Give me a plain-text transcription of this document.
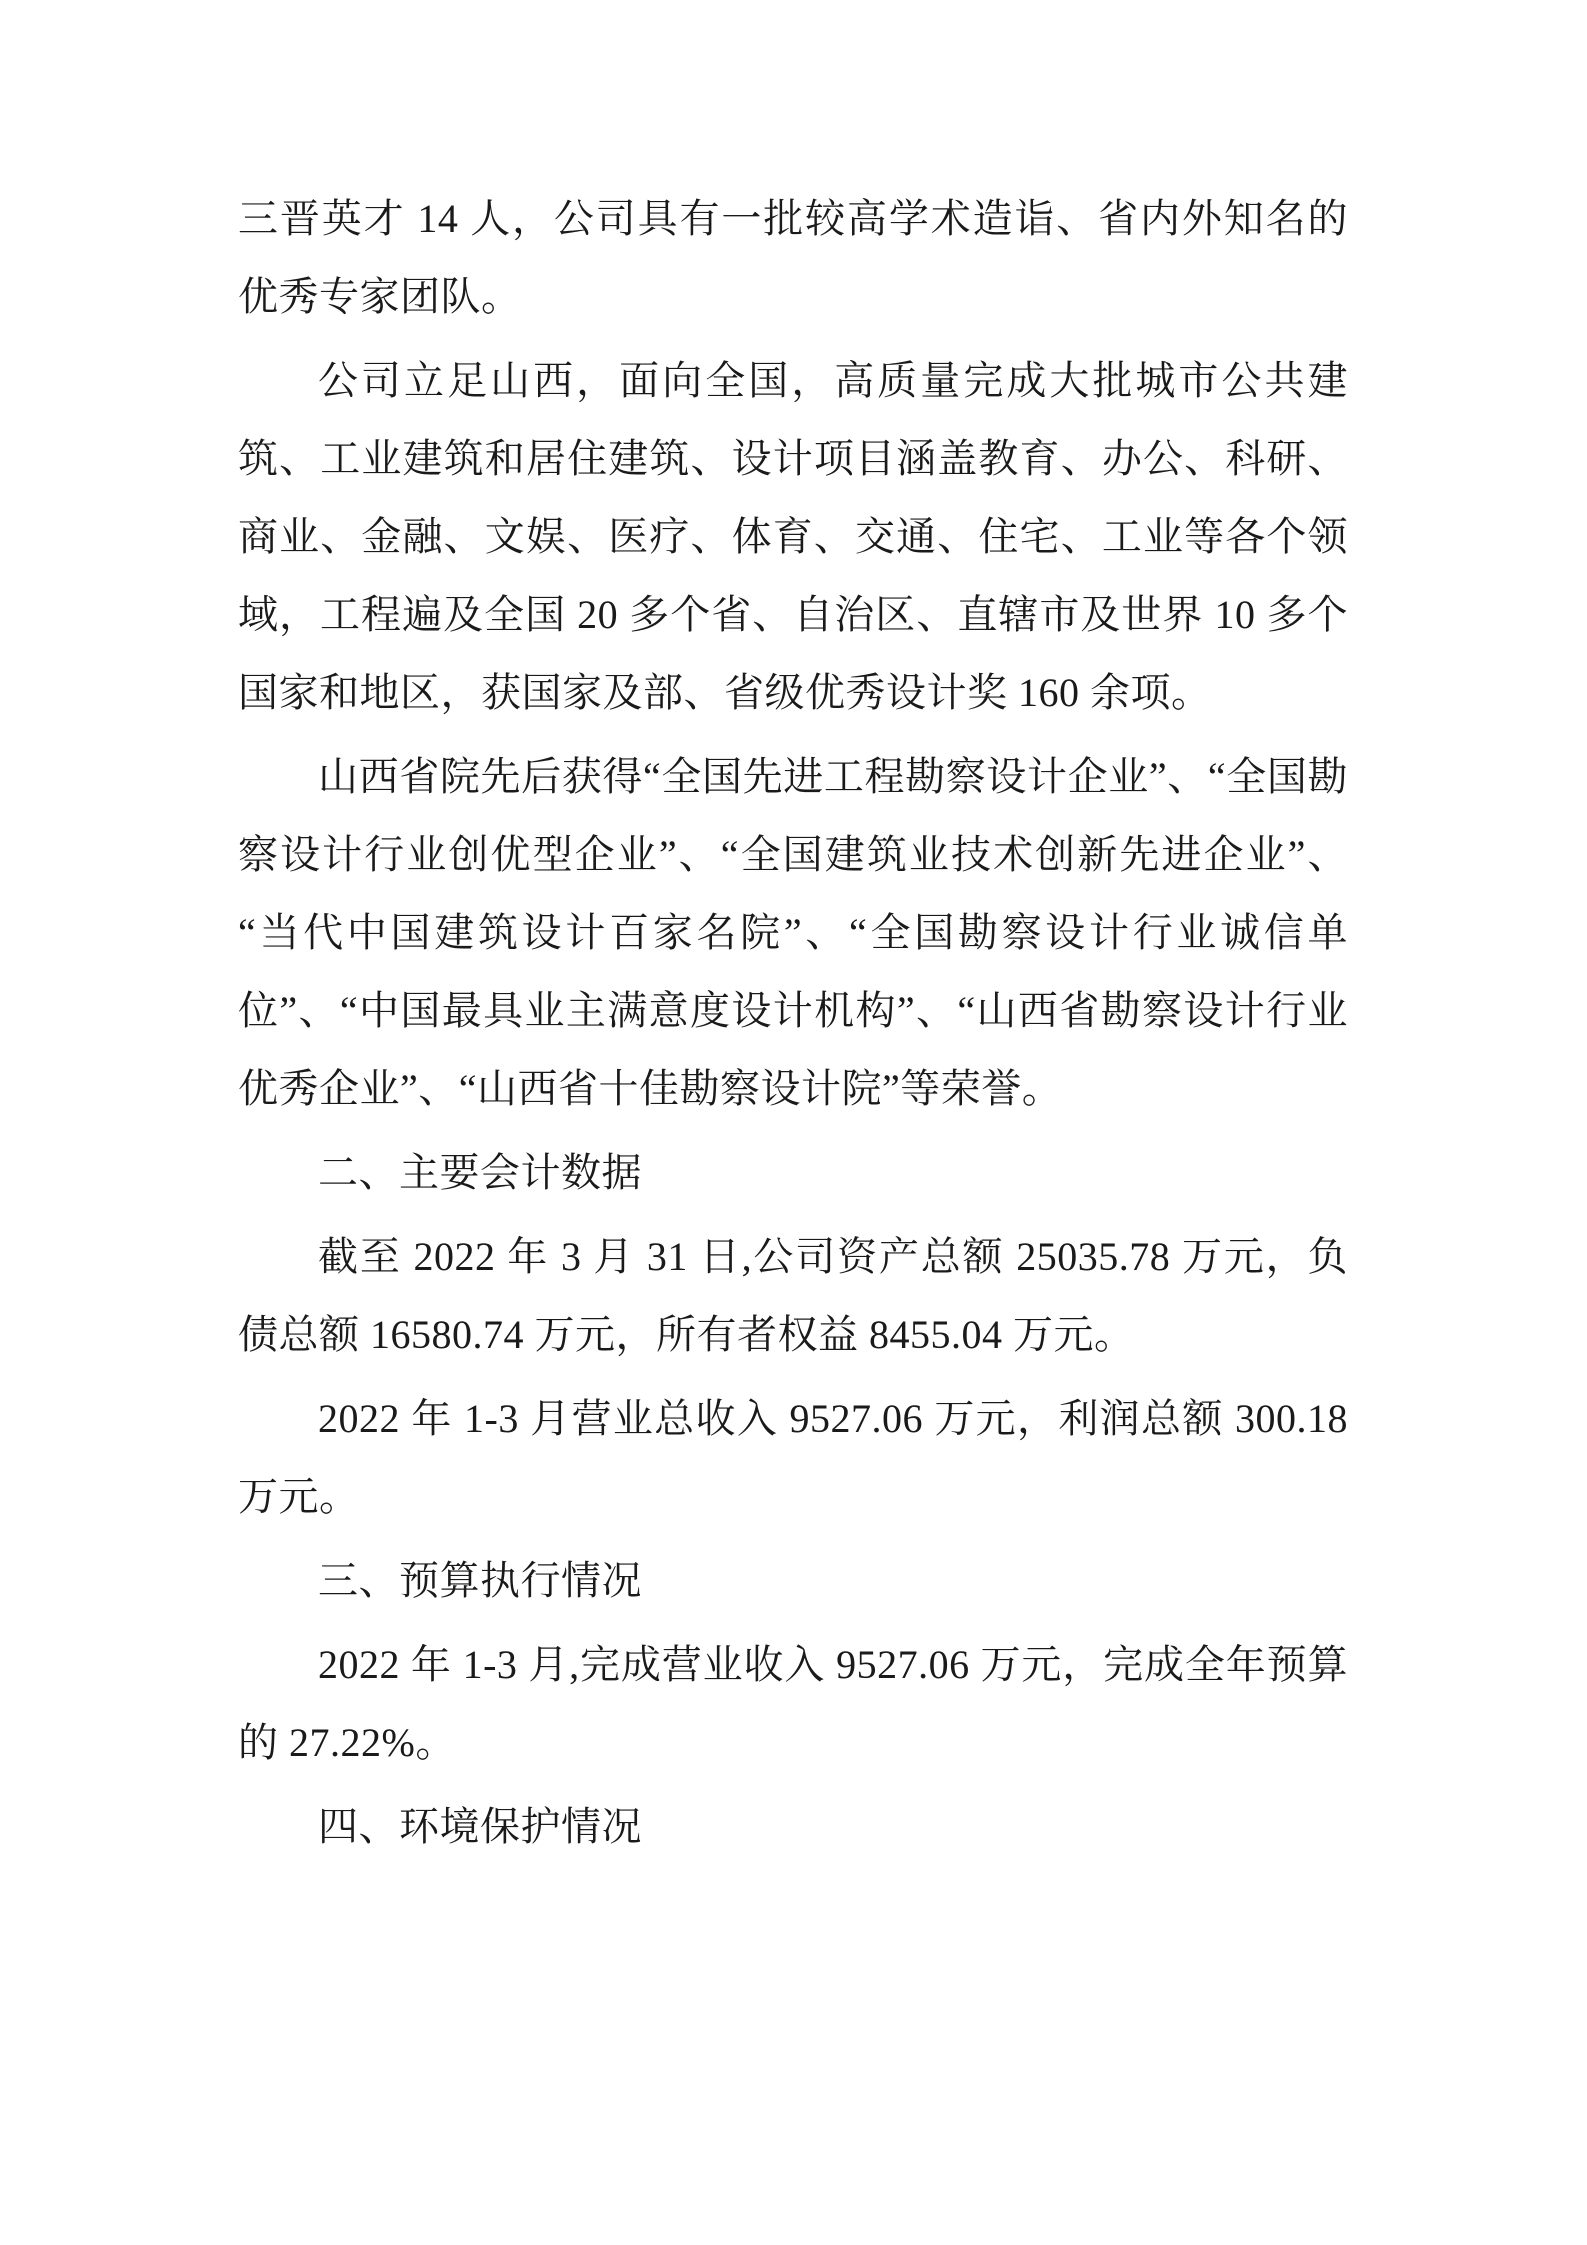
三晋英才 14 人，公司具有一批较高学术造诣、省内外知名的优秀专家团队。

公司立足山西，面向全国，高质量完成大批城市公共建筑、工业建筑和居住建筑、设计项目涵盖教育、办公、科研、商业、金融、文娱、医疗、体育、交通、住宅、工业等各个领域，工程遍及全国 20 多个省、自治区、直辖市及世界 10 多个国家和地区，获国家及部、省级优秀设计奖 160 余项。

山西省院先后获得“全国先进工程勘察设计企业”、“全国勘察设计行业创优型企业”、“全国建筑业技术创新先进企业”、“当代中国建筑设计百家名院”、“全国勘察设计行业诚信单位”、“中国最具业主满意度设计机构”、“山西省勘察设计行业优秀企业”、“山西省十佳勘察设计院”等荣誉。

二、主要会计数据

截至 2022 年 3 月 31 日,公司资产总额 25035.78 万元，负债总额 16580.74 万元，所有者权益 8455.04 万元。

2022 年 1-3 月营业总收入 9527.06 万元，利润总额 300.18 万元。

三、预算执行情况

2022 年 1-3 月,完成营业收入 9527.06 万元，完成全年预算的 27.22%。

四、环境保护情况
